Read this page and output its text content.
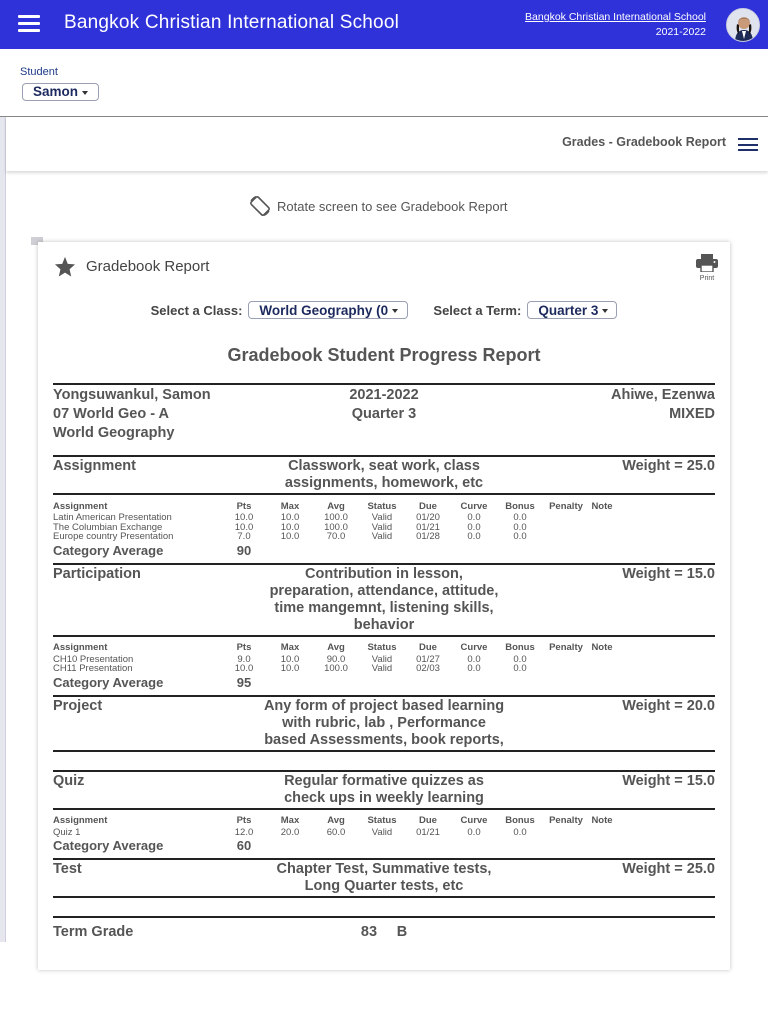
Bangkok Christian International School	Bangkok Christian International School
2021-2022
Student
Samon
Grades - Gradebook Report
Rotate screen to see Gradebook Report
Gradebook Report
Print
Select a Class: World Geography (0	Select a Term: Quarter 3
Gradebook Student Progress Report
2021-2022
Quarter 3
Yongsuwankul, Samon
07 World Geo - A
World Geography
Ahiwe, Ezenwa
MIXED
Assignment	Classwork, seat work, class assignments, homework, etc
Weight = 25.0
Assignment	Pts	Max	Avg	Status	Due	Curve	Bonus	Penalty	Note
Latin American Presentation	10.0	10.0	100.0	Valid	01/20	0.0	0.0		
The Columbian Exchange	10.0	10.0	100.0	Valid	01/21	0.0	0.0		
Europe country Presentation	7.0	10.0	70.0	Valid	01/28	0.0	0.0		
Category Average	90
Participation	Contribution in lesson, preparation, attendance, attitude, time mangemnt, listening skills, behavior
Weight = 15.0
Assignment	Pts	Max	Avg	Status	Due	Curve	Bonus	Penalty	Note
CH10 Presentation	9.0	10.0	90.0	Valid	01/27	0.0	0.0		
CH11 Presentation	10.0	10.0	100.0	Valid	02/03	0.0	0.0		
Category Average	95
Project	Any form of project based learning with rubric, lab , Performance based Assessments, book reports,
Weight = 20.0
Quiz	Regular formative quizzes as check ups in weekly learning
Weight = 15.0
Assignment	Pts	Max	Avg	Status	Due	Curve	Bonus	Penalty	Note
Quiz 1	12.0	20.0	60.0	Valid	01/21	0.0	0.0		
Category Average	60
Test	Chapter Test, Summative tests, Long Quarter tests, etc
Weight = 25.0
Term Grade	83	B
